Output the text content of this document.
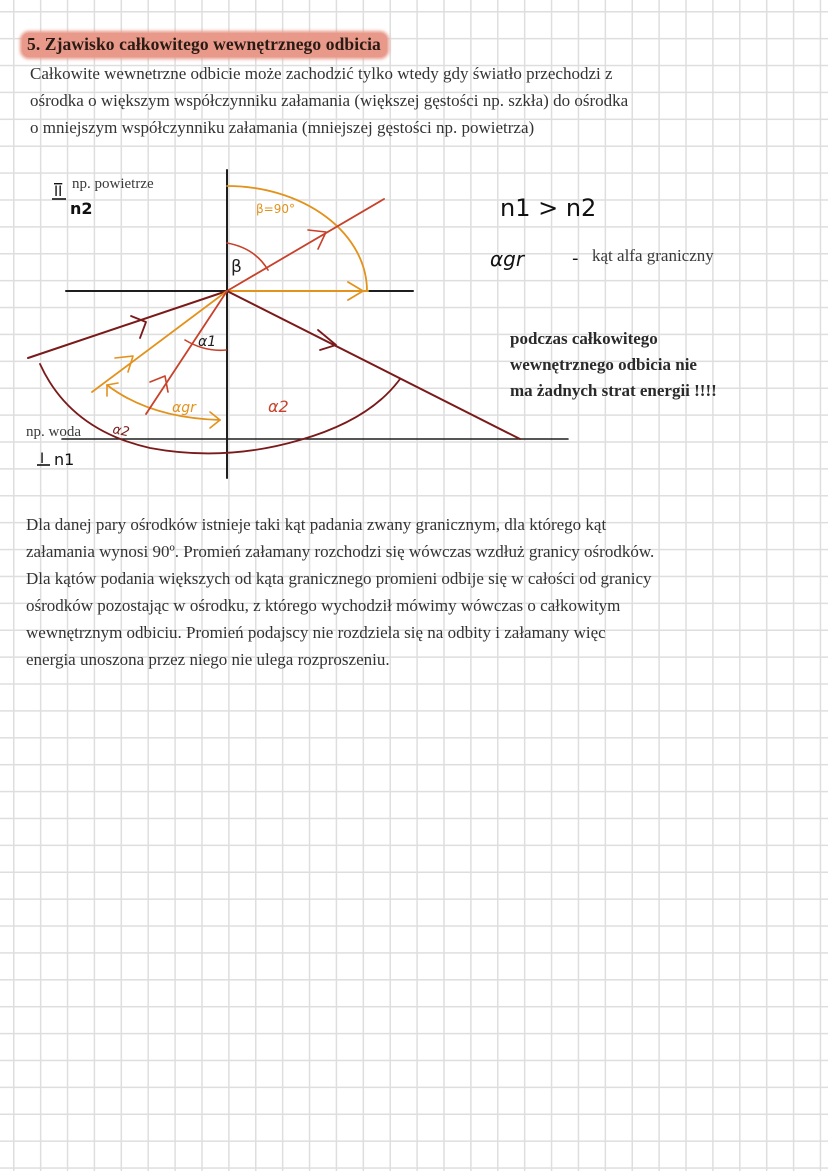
5. Zjawisko całkowitego wewnętrznego odbicia
Całkowite wewnetrzne odbicie może zachodzić tylko wtedy gdy światło przechodzi z
ośrodka o większym współczynniku załamania (większej gęstości np. szkła) do ośrodka
o mniejszym współczynniku załamania (mniejszej gęstości np. powietrza)
β=90°
β
α1
αgr	α2
α2
II
n2
I n1
n1 > n2
αgr	-
np. powietrze
np. woda
kąt alfa graniczny
podczas całkowitego
wewnętrznego odbicia nie
ma żadnych strat energii !!!!
Dla danej pary ośrodków istnieje taki kąt padania zwany granicznym, dla którego kąt
załamania wynosi 90º. Promień załamany rozchodzi się wówczas wzdłuż granicy ośrodków.
Dla kątów podania większych od kąta granicznego promieni odbije się w całości od granicy
ośrodków pozostając w ośrodku, z którego wychodził mówimy wówczas o całkowitym
wewnętrznym odbiciu. Promień podajscy nie rozdziela się na odbity i załamany więc
energia unoszona przez niego nie ulega rozproszeniu.
